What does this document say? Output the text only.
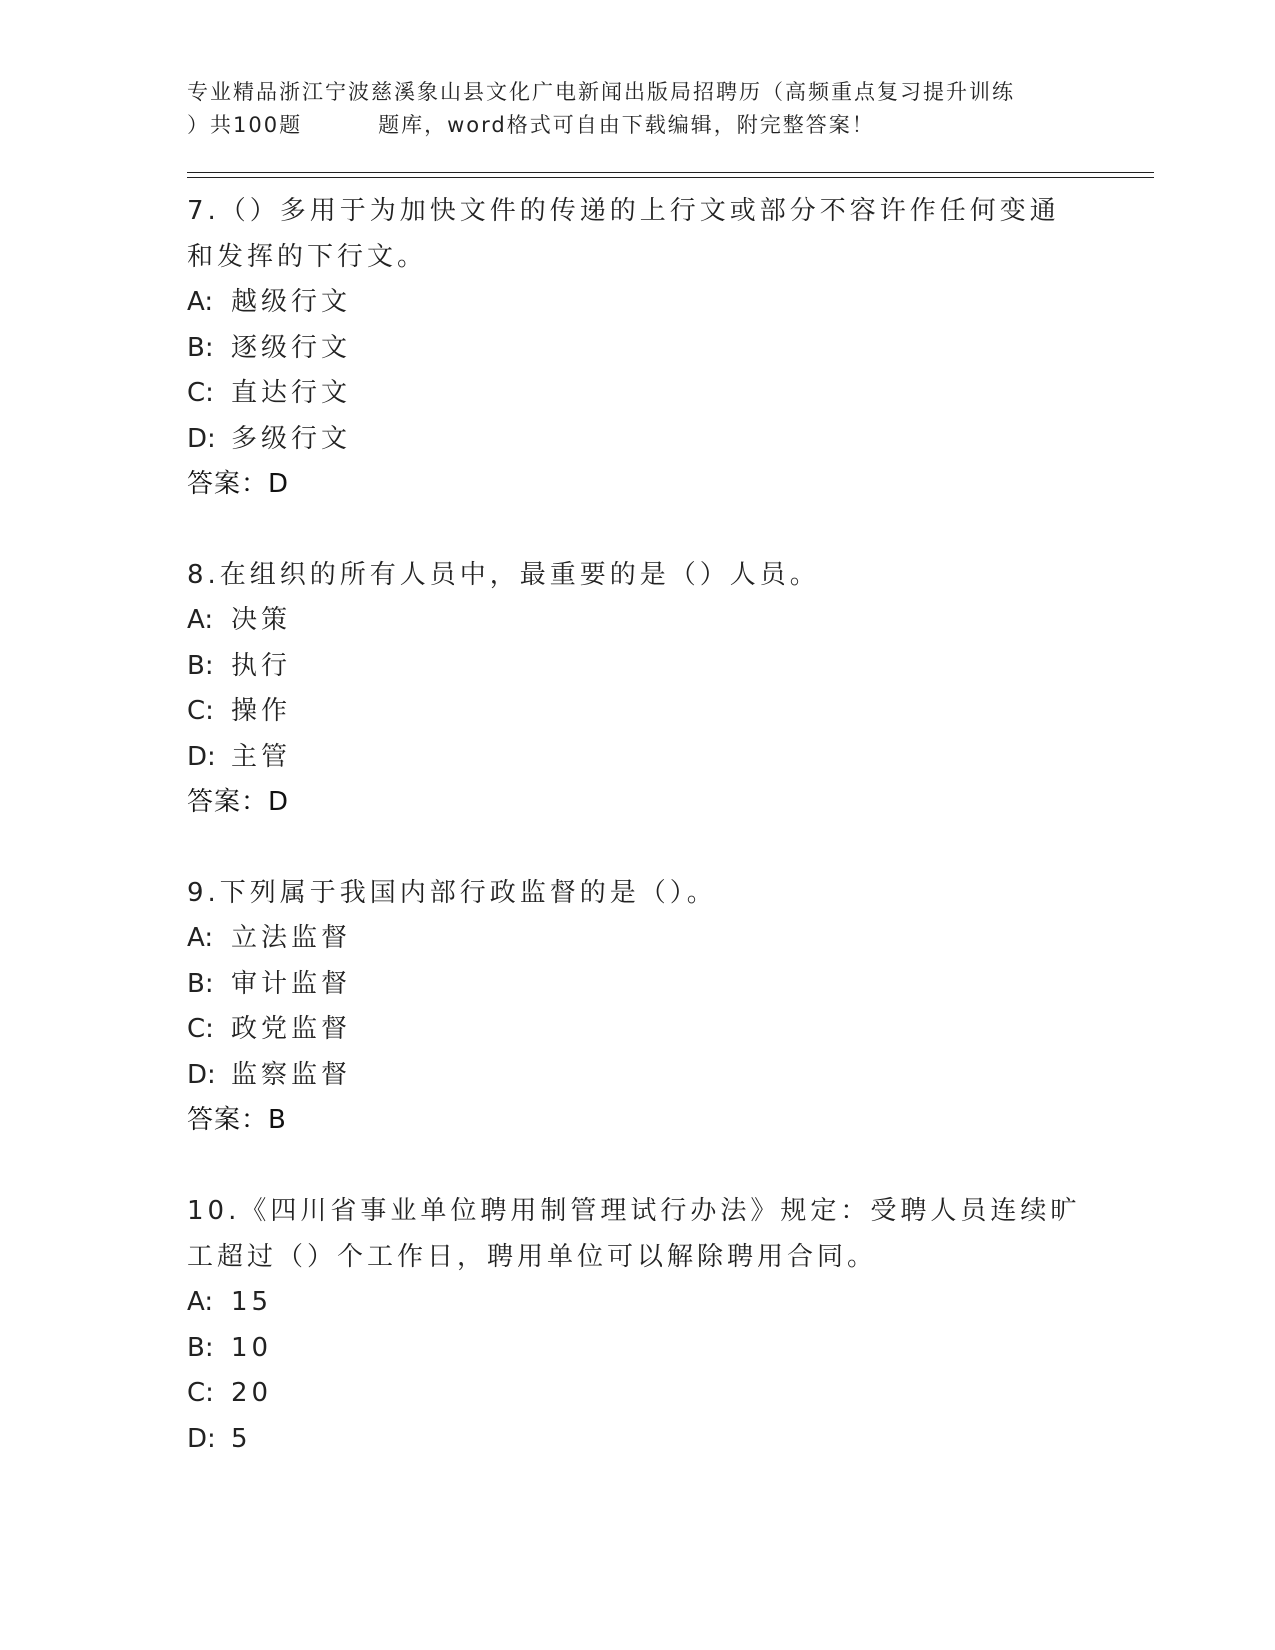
专业精品浙江宁波慈溪象山县文化广电新闻出版局招聘历（高频重点复习提升训练
）共100题	题库，word格式可自由下载编辑，附完整答案！
7.（）多用于为加快文件的传递的上行文或部分不容许作任何变通和发挥的下行文。
A: 越级行文
B: 逐级行文
C: 直达行文
D: 多级行文
答案：D
8.在组织的所有人员中，最重要的是（）人员。
A: 决策
B: 执行
C: 操作
D: 主管
答案：D
9.下列属于我国内部行政监督的是（）。
A: 立法监督
B: 审计监督
C: 政党监督
D: 监察监督
答案：B
10.《四川省事业单位聘用制管理试行办法》规定：受聘人员连续旷工超过（）个工作日，聘用单位可以解除聘用合同。
A: 15
B: 10
C: 20
D: 5
